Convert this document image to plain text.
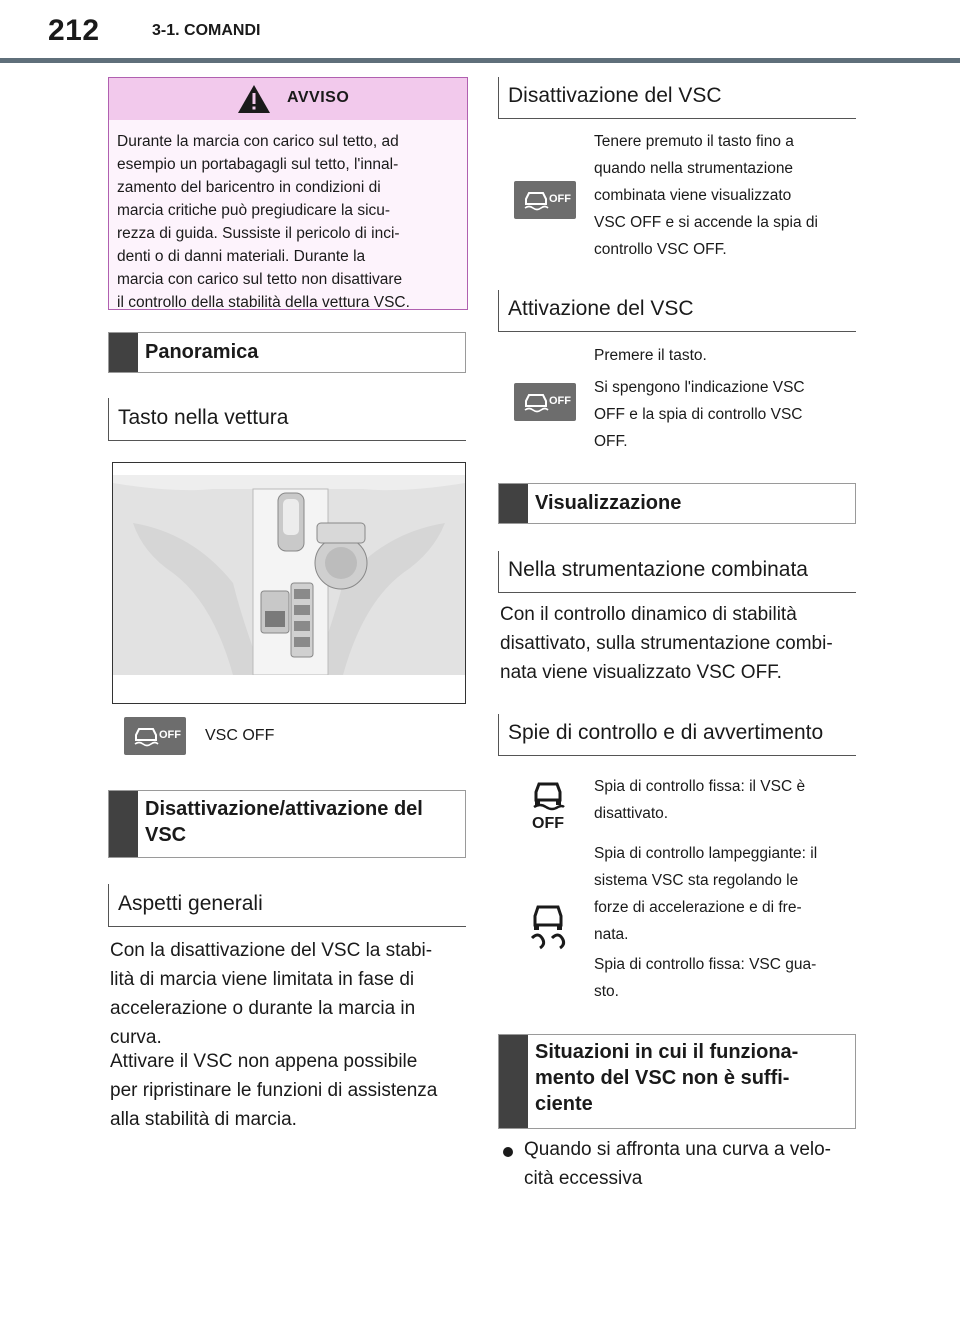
212	3-1. COMANDI
AVVISO
Durante la marcia con carico sul tetto, ad
esempio un portabagagli sul tetto, l'innal-
zamento del baricentro in condizioni di
marcia critiche può pregiudicare la sicu-
rezza di guida. Sussiste il pericolo di inci-
denti o di danni materiali. Durante la
marcia con carico sul tetto non disattivare
il controllo della stabilità della vettura VSC.
Panoramica
Tasto nella vettura
OFF VSC OFF
Disattivazione/attivazione del
VSC
Aspetti generali
Con la disattivazione del VSC la stabi-
lità di marcia viene limitata in fase di
accelerazione o durante la marcia in
curva.
Attivare il VSC non appena possibile
per ripristinare le funzioni di assistenza
alla stabilità di marcia.
Disattivazione del VSC
OFF
Tenere premuto il tasto fino a
quando nella strumentazione
combinata viene visualizzato
VSC OFF e si accende la spia di
controllo VSC OFF.
Attivazione del VSC
Premere il tasto.
OFF
Si spengono l'indicazione VSC
OFF e la spia di controllo VSC
OFF.
Visualizzazione
Nella strumentazione combinata
Con il controllo dinamico di stabilità
disattivato, sulla strumentazione combi-
nata viene visualizzato VSC OFF.
Spie di controllo e di avvertimento
OFF
Spia di controllo fissa: il VSC è
disattivato.
Spia di controllo lampeggiante: il
sistema VSC sta regolando le
forze di accelerazione e di fre-
nata.
Spia di controllo fissa: VSC gua-
sto.
Situazioni in cui il funziona-
mento del VSC non è suffi-
ciente
Quando si affronta una curva a velo-
cità eccessiva
